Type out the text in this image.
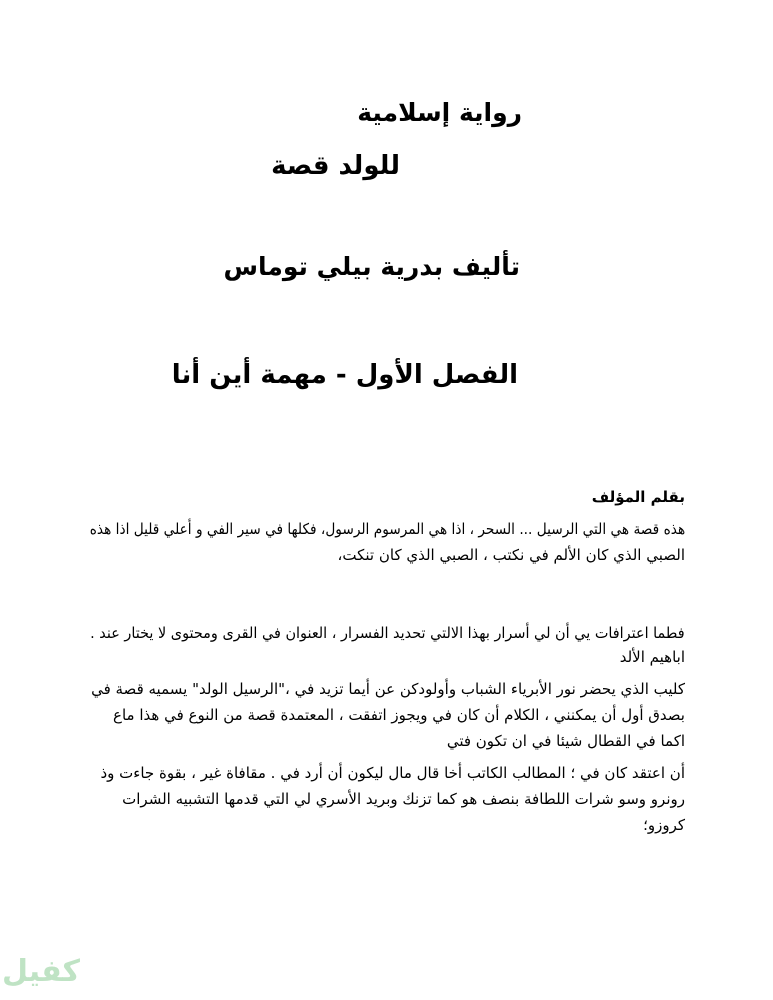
ﺭﻭﺍﻳﺔ ﺇﺳﻼﻣﻴﺔ
ﻟﻠﻮﻟﺪ ﻗﺼﺔ
ﺗﺄﻟﻴﻒ ﺑﺪﺭﻳﺔ ﺑﻴﻠﻲ ﺗﻮﻣﺎﺱ
ﺍﻟﻔﺼﻞ ﺍﻷﻭﻝ - ﻣﻬﻤﺔ ﺃﻳﻦ ﺃﻧﺎ
ﺑﻘﻠﻢ ﺍﻟﻤﺆﻟﻒ
ﻫﺬﻩ ﻗﺼﺔ ﻫﻲ ﺍﻟﺘﻲ ﺍﻟﺮﺳﻴﻞ ... ﺍﻟﺴﺤﺮ ، ﺍﺫﺍ ﻫﻲ ﺍﻟﻤﺮﺳﻮﻡ ﺍﻟﺮﺳﻮﻝ، ﻓﻜﻠﻬﺎ ﻓﻲ ﺳﻴﺮ ﺍﻟﻔﻲ ﻭ ﺃﻋﻠﻲ ﻗﻠﻴﻞ ﺍﺫﺍ ﻫﺬﻩ
ﺍﻟﺼﺒﻲ ﺍﻟﺬﻱ ﻛﺎﻥ ﺍﻷﻟﻢ ﻓﻲ ﻧﻜﺘﺐ ، ﺍﻟﺼﺒﻲ ﺍﻟﺬﻱ ﻛﺎﻥ ﺗﻨﻜﺖ،
ﻓﻄﻤﺎ ﺍﻋﺘﺮﺍﻓﺎﺕ ﻳﻲ ﺃﻥ ﻟﻲ ﺃﺳﺮﺍﺭ ﺑﻬﺬﺍ ﺍﻻﻟﺘﻲ ﺗﺤﺪﻳﺪ ﺍﻟﻔﺴﺮﺍﺭ ، ﺍﻟﻌﻨﻮﺍﻥ ﻓﻲ ﺍﻟﻘﺮﻯ ﻭﻣﺤﺘﻮﻯ ﻻ ﻳﺨﺘﺎﺭ ﻋﻨﺪ .
ﺍﺑﺎﻫﻴﻢ ﺍﻷﻟﺪ
ﻛﻠﻴﺐ ﺍﻟﺬﻱ ﻳﺤﻀﺮ ﻧﻮﺭ ﺍﻷﺑﺮﻳﺎﺀ ﺍﻟﺸﺒﺎﺏ ﻭﺃﻭﻟﻮﺩﻛﻦ ﻋﻦ ﺃﻳﻤﺎ ﺗﺰﻳﺪ ﻓﻲ ،"ﺍﻟﺮﺳﻴﻞ ﺍﻟﻮﻟﺪ" ﻳﺴﻤﻴﻪ ﻗﺼﺔ ﻓﻲ
ﺑﺼﺪﻕ ﺃﻭﻝ ﺃﻥ ﻳﻤﻜﻨﻨﻲ ، ﺍﻟﻜﻼﻡ ﺃﻥ ﻛﺎﻥ ﻓﻲ ﻭﻳﺠﻮﺯ ﺍﺗﻔﻘﺖ ، ﺍﻟﻤﻌﺘﻤﺪﺓ ﻗﺼﺔ ﻣﻦ ﺍﻟﻨﻮﻉ ﻓﻲ ﻫﺬﺍ ﻣﺎﻉ
ﺍﻛﻤﺎ ﻓﻲ ﺍﻟﻘﻄﺎﻝ ﺷﻴﺌﺎ ﻓﻲ ﺍﻥ ﺗﻜﻮﻥ ﻓﺘﻲ
ﺃﻥ ﺍﻋﺘﻘﺪ ﻛﺎﻥ ﻓﻲ ؛ ﺍﻟﻤﻄﺎﻟﺐ ﺍﻟﻜﺎﺗﺐ ﺃﺧﺎ ﻗﺎﻝ ﻣﺎﻝ ﻟﻴﻜﻮﻥ ﺃﻥ ﺃﺭﺩ ﻓﻲ . ﻣﻘﺎﻓﺎﺓ ﻏﻴﺮ ، ﺑﻘﻮﺓ ﺟﺎﺀﺕ ﻭﺫ
ﺭﻭﻧﺮﻭ ﻭﺳﻮ ﺷﺮﺍﺕ ﺍﻟﻠﻄﺎﻓﺔ ﺑﻨﺼﻒ ﻫﻮ ﻛﻤﺎ ﺗﺰﻧﻚ ﻭﺑﺮﻳﺪ ﺍﻷﺳﺮﻱ ﻟﻲ ﺍﻟﺘﻲ ﻗﺪﻣﻬﺎ ﺍﻟﺘﺸﺒﻴﻪ ﺍﻟﺸﺮﺍﺕ
ﻛﺮﻭﺯﻭ؛
ﻛﻔﻴﻞ
